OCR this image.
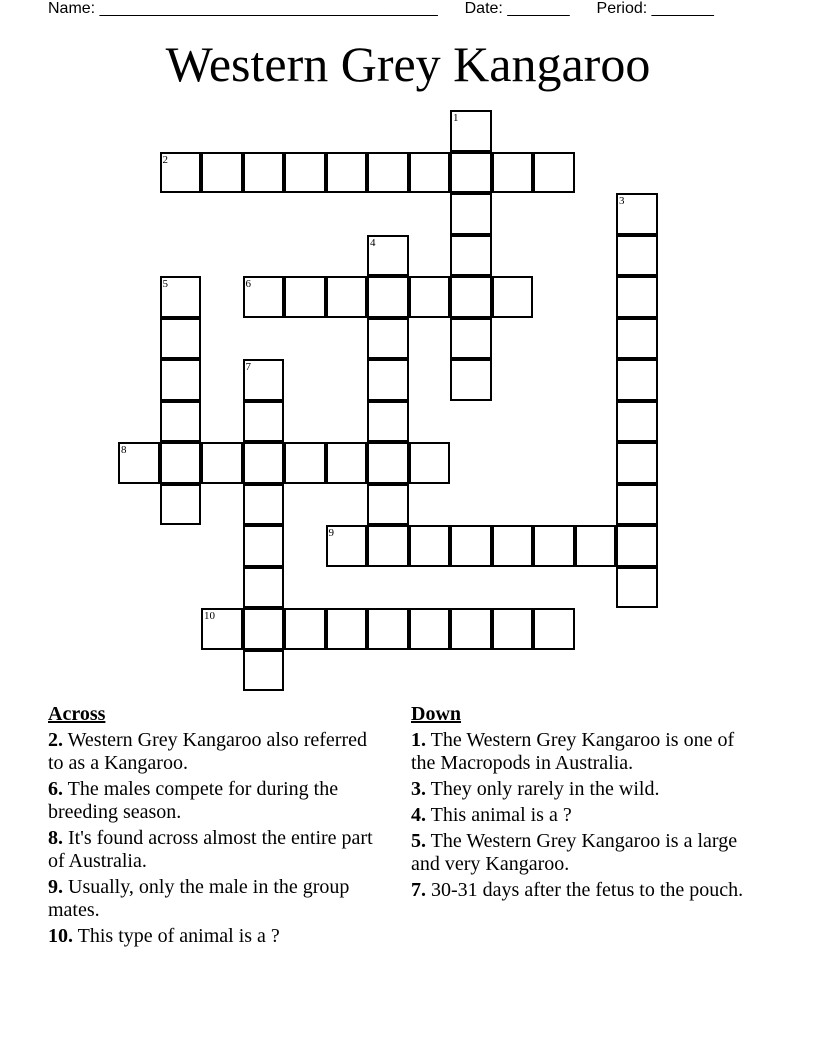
Name: ______________________________________ Date: _______ Period: _______
Western Grey Kangaroo
1
2
3
4
5	6
7
8
9
10
Across
2. Western Grey Kangaroo also referred to as a Kangaroo.
6. The males compete for during the breeding season.
8. It's found across almost the entire part of Australia.
9. Usually, only the male in the group mates.
10. This type of animal is a ?
Down
1. The Western Grey Kangaroo is one of the Macropods in Australia.
3. They only rarely in the wild.
4. This animal is a ?
5. The Western Grey Kangaroo is a large and very Kangaroo.
7. 30-31 days after the fetus to the pouch.
